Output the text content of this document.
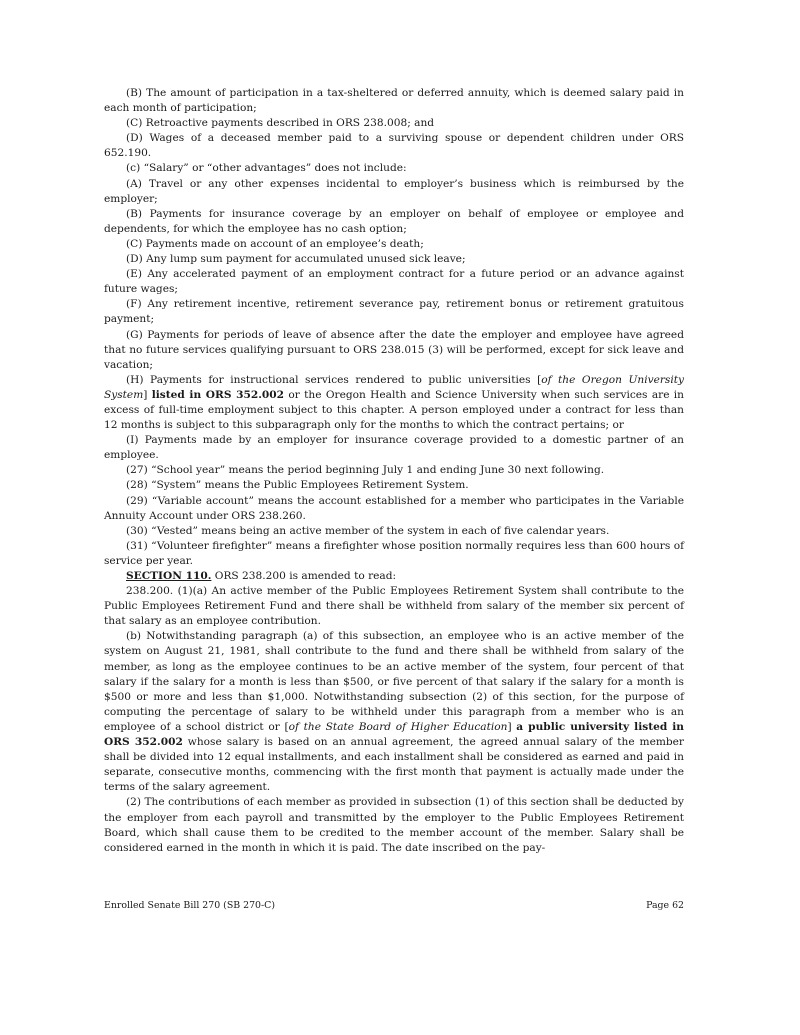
(B) The amount of participation in a tax-sheltered or deferred annuity, which is deemed salary paid in each month of participation;

(C) Retroactive payments described in ORS 238.008; and

(D) Wages of a deceased member paid to a surviving spouse or dependent children under ORS 652.190.

(c) “Salary” or “other advantages” does not include:

(A) Travel or any other expenses incidental to employer’s business which is reimbursed by the employer;

(B) Payments for insurance coverage by an employer on behalf of employee or employee and dependents, for which the employee has no cash option;

(C) Payments made on account of an employee’s death;

(D) Any lump sum payment for accumulated unused sick leave;

(E) Any accelerated payment of an employment contract for a future period or an advance against future wages;

(F) Any retirement incentive, retirement severance pay, retirement bonus or retirement gratuitous payment;

(G) Payments for periods of leave of absence after the date the employer and employee have agreed that no future services qualifying pursuant to ORS 238.015 (3) will be performed, except for sick leave and vacation;

(H) Payments for instructional services rendered to public universities [of the Oregon University System] listed in ORS 352.002 or the Oregon Health and Science University when such services are in excess of full-time employment subject to this chapter. A person employed under a contract for less than 12 months is subject to this subparagraph only for the months to which the contract pertains; or

(I) Payments made by an employer for insurance coverage provided to a domestic partner of an employee.

(27) “School year” means the period beginning July 1 and ending June 30 next following.

(28) “System” means the Public Employees Retirement System.

(29) “Variable account” means the account established for a member who participates in the Variable Annuity Account under ORS 238.260.

(30) “Vested” means being an active member of the system in each of five calendar years.

(31) “Volunteer firefighter” means a firefighter whose position normally requires less than 600 hours of service per year.

SECTION 110. ORS 238.200 is amended to read:

238.200. (1)(a) An active member of the Public Employees Retirement System shall contribute to the Public Employees Retirement Fund and there shall be withheld from salary of the member six percent of that salary as an employee contribution.

(b) Notwithstanding paragraph (a) of this subsection, an employee who is an active member of the system on August 21, 1981, shall contribute to the fund and there shall be withheld from salary of the member, as long as the employee continues to be an active member of the system, four percent of that salary if the salary for a month is less than $500, or five percent of that salary if the salary for a month is $500 or more and less than $1,000. Notwithstanding subsection (2) of this section, for the purpose of computing the percentage of salary to be withheld under this paragraph from a member who is an employee of a school district or [of the State Board of Higher Education] a public university listed in ORS 352.002 whose salary is based on an annual agreement, the agreed annual salary of the member shall be divided into 12 equal installments, and each installment shall be considered as earned and paid in separate, consecutive months, commencing with the first month that payment is actually made under the terms of the salary agreement.

(2) The contributions of each member as provided in subsection (1) of this section shall be deducted by the employer from each payroll and transmitted by the employer to the Public Employees Retirement Board, which shall cause them to be credited to the member account of the member. Salary shall be considered earned in the month in which it is paid. The date inscribed on the pay-

Enrolled Senate Bill 270 (SB 270-C)	Page 62
